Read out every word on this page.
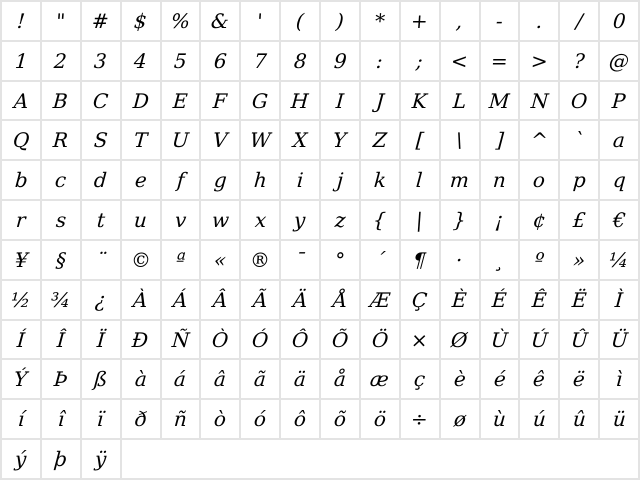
! " # $ % & ' ( ) * + , - . / 0
1 2 3 4 5 6 7 8 9 : ; < = > ? @
A B C D E F G H I J K L M N O P
Q R S T U V W X Y Z [ \ ] ^ ` a
b c d e f g h i j k l m n o p q
r s t u v w x y z { | } ¡ ¢ £ €
¥ § ¨ © ª « ® ¯ ° ´ ¶ · ¸ º » ¼
½ ¾ ¿ À Á Â Ã Ä Å Æ Ç È É Ê Ë Ì
Í Î Ï Ð Ñ Ò Ó Ô Õ Ö × Ø Ù Ú Û Ü
Ý Þ ß à á â ã ä å æ ç è é ê ë ì
í î ï ð ñ ò ó ô õ ö ÷ ø ù ú û ü
ý þ ÿ
